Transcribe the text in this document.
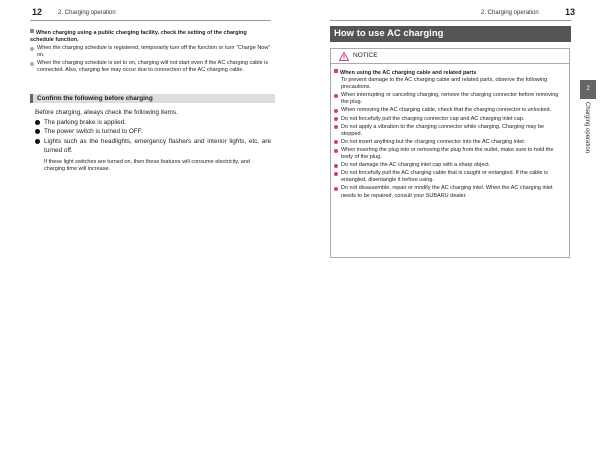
12	2. Charging operation
When charging using a public charging facility, check the setting of the charging schedule function.
When the charging schedule is registered, temporarily turn off the function or turn “Charge Now” on.
When the charging schedule is set to on, charging will not start even if the AC charging cable is connected. Also, charging fee may occur due to connection of the AC charging cable.
Confirm the following before charging
Before charging, always check the following items.
The parking brake is applied.
The power switch is turned to OFF.
Lights such as the headlights, emergency flashers and interior lights, etc. are turned off.
If these light switches are turned on, then these features will consume electricity, and charging time will increase.
2. Charging operation	13
How to use AC charging
NOTICE
When using the AC charging cable and related parts
To prevent damage to the AC charging cable and related parts, observe the following precautions.
When interrupting or canceling charging, remove the charging connector before removing the plug.
When removing the AC charging cable, check that the charging connector is unlocked.
Do not forcefully pull the charging connector cap and AC charging inlet cap.
Do not apply a vibration to the charging connector while charging. Charging may be stopped.
Do not insert anything but the charging connector into the AC charging inlet.
When inserting the plug into or removing the plug from the outlet, make sure to hold the body of the plug.
Do not damage the AC charging inlet cap with a sharp object.
Do not forcefully pull the AC charging cable that is caught or entangled. If the cable is entangled, disentangle it before using.
Do not disassemble, repair or modify the AC charging inlet. When the AC charging inlet needs to be repaired, consult your SUBARU dealer.
2
Charging operation
